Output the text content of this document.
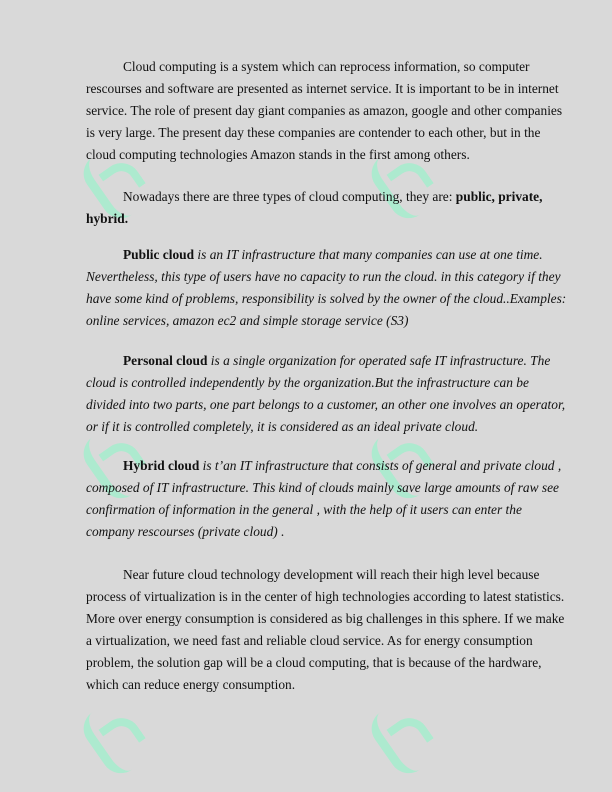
Cloud computing is a system which can reprocess information, so computer rescourses and software are presented as internet service. It is important to be in internet service. The role of present day giant companies as amazon, google and other companies is very large. The present day these companies are contender to each other, but in the cloud computing technologies Amazon stands in the first among others.

Nowadays there are three types of cloud computing, they are: public, private, hybrid.

Public cloud is an IT infrastructure that many companies can use at one time. Nevertheless, this type of users have no capacity to run the cloud. in this category if they have some kind of problems, responsibility is solved by the owner of the cloud..Examples: online services, amazon ec2 and simple storage service (S3)

Personal cloud is a single organization for operated safe IT infrastructure. The cloud is controlled independently by the organization.But the infrastructure can be divided into two parts, one part belongs to a customer, an other one involves an operator, or if it is controlled completely, it is considered as an ideal private cloud.

Hybrid cloud is t’an IT infrastructure that consists of general and private cloud , composed of IT infrastructure. This kind of clouds mainly save large amounts of raw see confirmation of information in the general , with the help of it users can enter the company rescourses (private cloud) .

Near future cloud technology development will reach their high level because process of virtualization is in the center of high technologies according to latest statistics. More over energy consumption is considered as big challenges in this sphere. If we make a virtualization, we need fast and reliable cloud service. As for energy consumption problem, the solution gap will be a cloud computing, that is because of the hardware, which can reduce energy consumption.
